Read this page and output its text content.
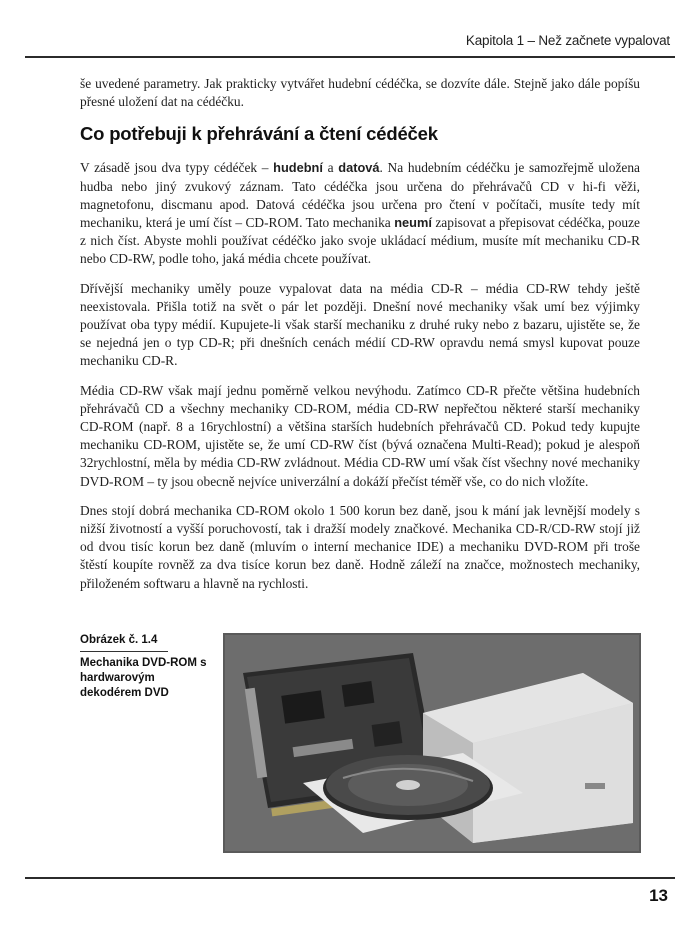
Kapitola 1 – Než začnete vypalovat

še uvedené parametry. Jak prakticky vytvářet hudební cédéčka, se dozvíte dále. Stejně jako dále popíšu přesné uložení dat na cédéčku.

Co potřebuji k přehrávání a čtení cédéček

V zásadě jsou dva typy cédéček – hudební a datová. Na hudebním cédéčku je samozřejmě uložena hudba nebo jiný zvukový záznam. Tato cédéčka jsou určena do přehrávačů CD v hi-fi věži, magnetofonu, discmanu apod. Datová cédéčka jsou určena pro čtení v počítači, musíte tedy mít mechaniku, která je umí číst – CD-ROM. Tato mechanika neumí zapisovat a přepisovat cédéčka, pouze z nich číst. Abyste mohli používat cédéčko jako svoje ukládací médium, musíte mít mechaniku CD-R nebo CD-RW, podle toho, jaká média chcete používat.

Dřívější mechaniky uměly pouze vypalovat data na média CD-R – média CD-RW tehdy ještě neexistovala. Přišla totiž na svět o pár let později. Dnešní nové mechaniky však umí bez výjimky používat oba typy médií. Kupujete-li však starší mechaniku z druhé ruky nebo z bazaru, ujistěte se, že se nejedná jen o typ CD-R; při dnešních cenách médií CD-RW opravdu nemá smysl kupovat pouze mechaniku CD-R.

Média CD-RW však mají jednu poměrně velkou nevýhodu. Zatímco CD-R přečte většina hudebních přehrávačů CD a všechny mechaniky CD-ROM, média CD-RW nepřečtou některé starší mechaniky CD-ROM (např. 8 a 16rychlostní) a většina starších hudebních přehrávačů CD. Pokud tedy kupujte mechaniku CD-ROM, ujistěte se, že umí CD-RW číst (bývá označena Multi-Read); pokud je alespoň 32rychlostní, měla by média CD-RW zvládnout. Média CD-RW umí však číst všechny nové mechaniky DVD-ROM – ty jsou obecně nejvíce univerzální a dokáží přečíst téměř vše, co do nich vložíte.

Dnes stojí dobrá mechanika CD-ROM okolo 1 500 korun bez daně, jsou k mání jak levnější modely s nižší životností a vyšší poruchovostí, tak i dražší modely značkové. Mechanika CD-R/CD-RW stojí již od dvou tisíc korun bez daně (mluvím o interní mechanice IDE) a mechaniku DVD-ROM při troše štěstí koupíte rovněž za dva tisíce korun bez daně. Hodně záleží na značce, možnostech mechaniky, přiloženém softwaru a hlavně na rychlosti.

Obrázek č. 1.4
Mechanika DVD-ROM s hardwarovým dekodérem DVD
13
